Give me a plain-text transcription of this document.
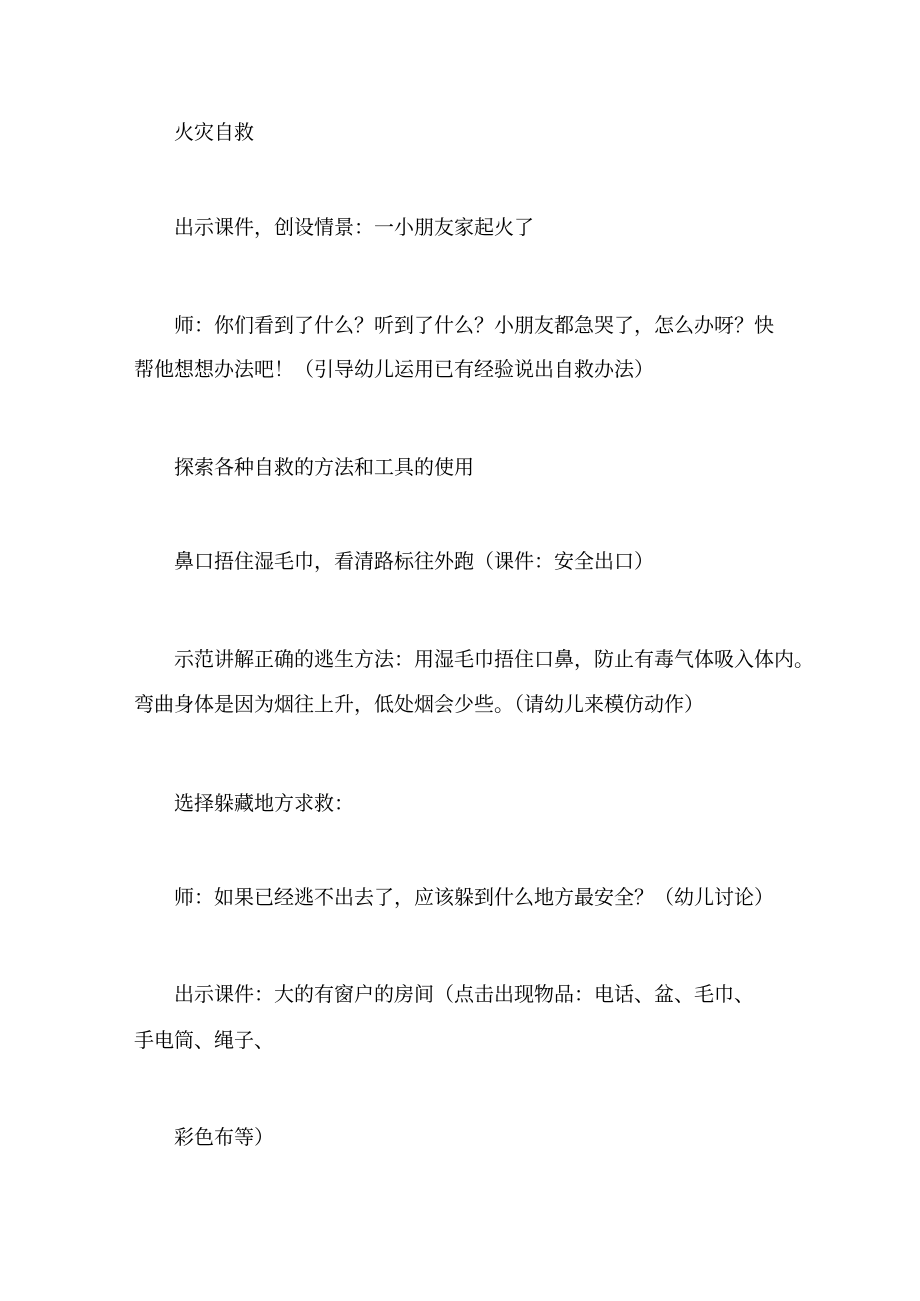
火灾自救

出示课件，创设情景：一小朋友家起火了

师：你们看到了什么？听到了什么？小朋友都急哭了，怎么办呀？快

帮他想想办法吧！（引导幼儿运用已有经验说出自救办法）

探索各种自救的方法和工具的使用

鼻口捂住湿毛巾，看清路标往外跑（课件：安全出口）

示范讲解正确的逃生方法：用湿毛巾捂住口鼻，防止有毒气体吸入体内。

弯曲身体是因为烟往上升，低处烟会少些。（请幼儿来模仿动作）

选择躲藏地方求救：

师：如果已经逃不出去了，应该躲到什么地方最安全？（幼儿讨论）

出示课件：大的有窗户的房间（点击出现物品：电话、盆、毛巾、

手电筒、绳子、

彩色布等）
